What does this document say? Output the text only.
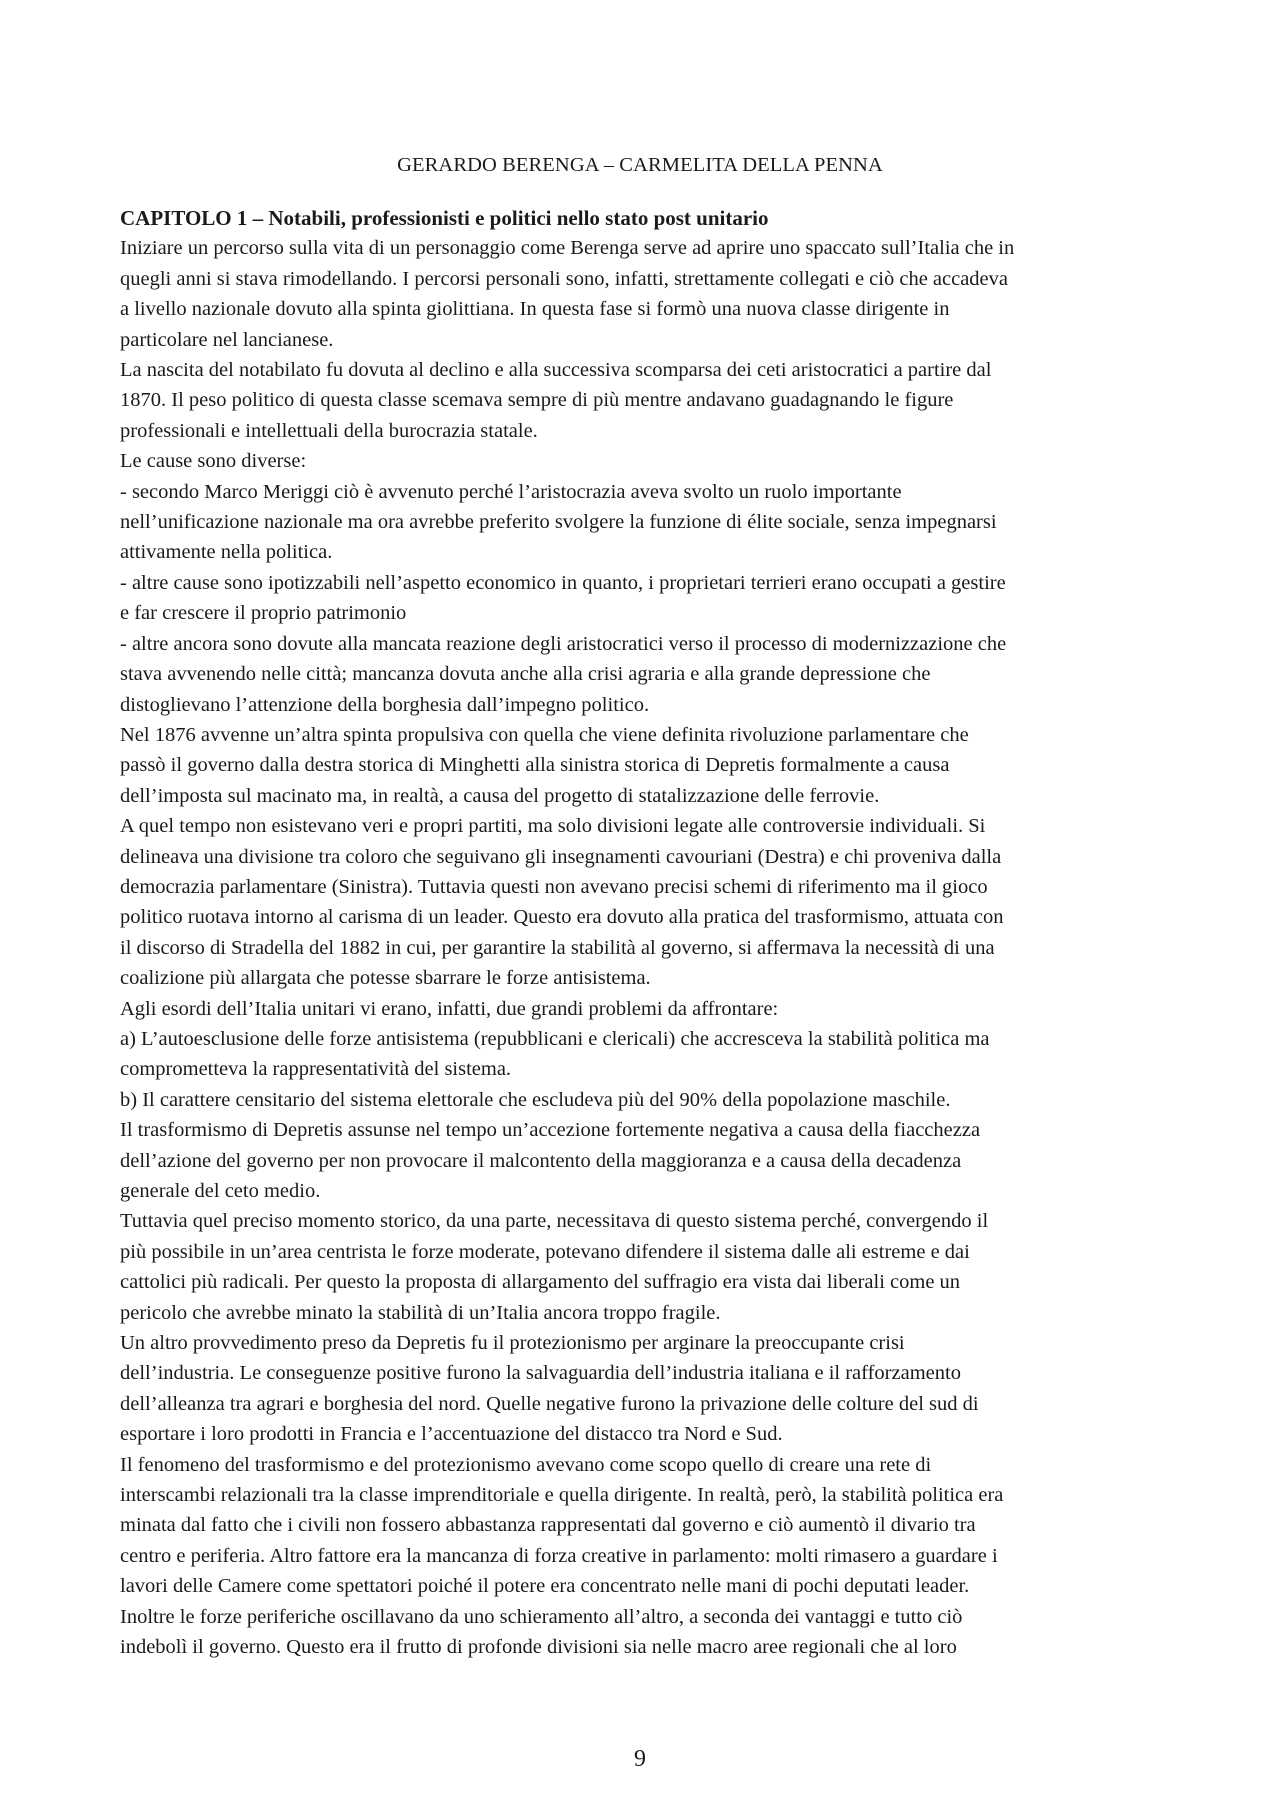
GERARDO BERENGA – CARMELITA DELLA PENNA
CAPITOLO 1 – Notabili, professionisti e politici nello stato post unitario

Iniziare un percorso sulla vita di un personaggio come Berenga serve ad aprire uno spaccato sull’Italia che in
quegli anni si stava rimodellando. I percorsi personali sono, infatti, strettamente collegati e ciò che accadeva
a livello nazionale dovuto alla spinta giolittiana. In questa fase si formò una nuova classe dirigente in
particolare nel lancianese.

La nascita del notabilato fu dovuta al declino e alla successiva scomparsa dei ceti aristocratici a partire dal
1870. Il peso politico di questa classe scemava sempre di più mentre andavano guadagnando le figure
professionali e intellettuali della burocrazia statale.

Le cause sono diverse:

- secondo Marco Meriggi ciò è avvenuto perché l’aristocrazia aveva svolto un ruolo importante
nell’unificazione nazionale ma ora avrebbe preferito svolgere la funzione di élite sociale, senza impegnarsi
attivamente nella politica.

- altre cause sono ipotizzabili nell’aspetto economico in quanto, i proprietari terrieri erano occupati a gestire
e far crescere il proprio patrimonio

- altre ancora sono dovute alla mancata reazione degli aristocratici verso il processo di modernizzazione che
stava avvenendo nelle città; mancanza dovuta anche alla crisi agraria e alla grande depressione che
distoglievano l’attenzione della borghesia dall’impegno politico.

Nel 1876 avvenne un’altra spinta propulsiva con quella che viene definita rivoluzione parlamentare che
passò il governo dalla destra storica di Minghetti alla sinistra storica di Depretis formalmente a causa
dell’imposta sul macinato ma, in realtà, a causa del progetto di statalizzazione delle ferrovie.

A quel tempo non esistevano veri e propri partiti, ma solo divisioni legate alle controversie individuali. Si
delineava una divisione tra coloro che seguivano gli insegnamenti cavouriani (Destra) e chi proveniva dalla
democrazia parlamentare (Sinistra). Tuttavia questi non avevano precisi schemi di riferimento ma il gioco
politico ruotava intorno al carisma di un leader. Questo era dovuto alla pratica del trasformismo, attuata con
il discorso di Stradella del 1882 in cui, per garantire la stabilità al governo, si affermava la necessità di una
coalizione più allargata che potesse sbarrare le forze antisistema.

Agli esordi dell’Italia unitari vi erano, infatti, due grandi problemi da affrontare:

a) L’autoesclusione delle forze antisistema (repubblicani e clericali) che accresceva la stabilità politica ma
comprometteva la rappresentatività del sistema.

b) Il carattere censitario del sistema elettorale che escludeva più del 90% della popolazione maschile.

Il trasformismo di Depretis assunse nel tempo un’accezione fortemente negativa a causa della fiacchezza
dell’azione del governo per non provocare il malcontento della maggioranza e a causa della decadenza
generale del ceto medio.

Tuttavia quel preciso momento storico, da una parte, necessitava di questo sistema perché, convergendo il
più possibile in un’area centrista le forze moderate, potevano difendere il sistema dalle ali estreme e dai
cattolici più radicali. Per questo la proposta di allargamento del suffragio era vista dai liberali come un
pericolo che avrebbe minato la stabilità di un’Italia ancora troppo fragile.

Un altro provvedimento preso da Depretis fu il protezionismo per arginare la preoccupante crisi
dell’industria. Le conseguenze positive furono la salvaguardia dell’industria italiana e il rafforzamento
dell’alleanza tra agrari e borghesia del nord. Quelle negative furono la privazione delle colture del sud di
esportare i loro prodotti in Francia e l’accentuazione del distacco tra Nord e Sud.

Il fenomeno del trasformismo e del protezionismo avevano come scopo quello di creare una rete di
interscambi relazionali tra la classe imprenditoriale e quella dirigente. In realtà, però, la stabilità politica era
minata dal fatto che i civili non fossero abbastanza rappresentati dal governo e ciò aumentò il divario tra
centro e periferia. Altro fattore era la mancanza di forza creative in parlamento: molti rimasero a guardare i
lavori delle Camere come spettatori poiché il potere era concentrato nelle mani di pochi deputati leader.
Inoltre le forze periferiche oscillavano da uno schieramento all’altro, a seconda dei vantaggi e tutto ciò
indebolì il governo. Questo era il frutto di profonde divisioni sia nelle macro aree regionali che al loro

9
